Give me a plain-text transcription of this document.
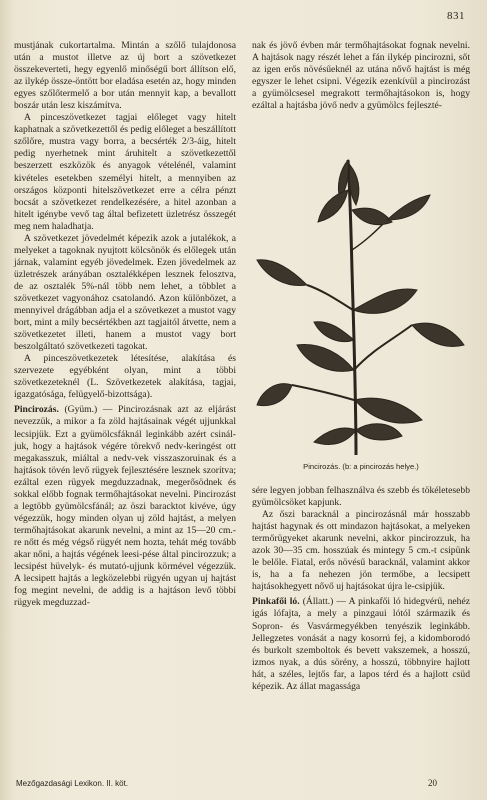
831

mustjának cukortartalma. Mintán a szőlő tulajdonosa után a mustot illetve az új bort a szövetkezet összekeverteti, hegy egyenlő minőségű bort állítson elő, az ilykép össze-öntött bor eladása esetén az, hogy minden egyes szőlőtermelő a bor után mennyit kap, a bevallott boszár után lesz kiszámítva.

A pinceszövetkezet tagjai előleget vagy hitelt kaphatnak a szövetkezettől és pedig előleget a beszállított szőlőre, mustra vagy borra, a becsérték 2/3-áig, hitelt pedig nyerhetnek mint áruhitelt a szövetkezettől beszerzett eszközök és anyagok vételénél, valamint kivételes esetekben személyi hitelt, a mennyiben az országos központi hitelszövetkezet erre a célra pénzt bocsát a szövetkezet rendelkezésére, a hitel azonban a hitelt igénybe vevő tag által befizetett üzletrész összegét meg nem haladhatja.

A szövetkezet jövedelmét képezik azok a jutalékok, a melyeket a tagoknak nyujtott kölcsönök és előlegek után járnak, valamint egyéb jövedelmek. Ezen jövedelmek az üzletrészek arányában osztalékképen lesznek felosztva, de az osztalék 5%-nál több nem lehet, a többlet a szövetkezet vagyonához csatolandó. Azon különbözet, a mennyivel drágábban adja el a szövetkezet a mustot vagy bort, mint a mily becsértékben azt tagjaitól átvette, nem a szövetkezetet illeti, hanem a mustot vagy bort beszolgáltató szövetkezeti tagokat.

A pinceszövetkezetek létesítése, alakítása és szervezete egyébként olyan, mint a többi szövetkezeteknél (L. Szövetkezetek alakítása, tagjai, igazgatósága, felügyelő-bizottsága).

Pincirozás. (Gyüm.) — Pincirozásnak azt az eljárást nevezzük, a mikor a fa zöld hajtásainak végét ujjunkkal lecsipjük. Ezt a gyümölcsfáknál leginkább azért csinál-juk, hogy a hajtások végére törekvő nedv-keringést ott megakasszuk, miáltal a nedv-vek visszaszoruinak és a hajtások tövén levő rügyek fejlesztésére lesznek szorítva; ezáltal ezen rügyek megduzzadnak, megerősödnek és sokkal előbb fognak termőhajtásokat nevelni. Pincirozást a legtöbb gyümölcsfánál; az öszi baracktot kivéve, úgy végezzük, hogy minden olyan uj zöld hajtást, a melyen termőhajtásokat akarunk nevelni, a mint az 15—20 cm.-re nőtt és még végső rügyét nem hozta, tehát még tovább akar nőni, a hajtás végének leesi-pése által pincirozzuk; a lecsipést hüvelyk- és mutató-ujjunk körmével végezzük. A lecsipett hajtás a legközelebbi rügyén ugyan uj hajtást fog megint nevelni, de addig is a hajtáson levő többi rügyek megduzzad-

nak és jövő évben már termőhajtásokat fognak nevelni. A hajtások nagy részét lehet a fán ilykép pincirozni, sőt az igen erős növésűeknél az utána nővő hajtást is még egyszer le lehet csipni. Végezik ezenkívül a pincirozást a gyümölcsesel megrakott termőhajtásokon is, hogy ezáltal a hajtásba jövő nedv a gyümölcs fejleszté-

Pincirozás. (b: a pincirozás helye.)

sére legyen jobban felhasználva és szebb és tökéletesebb gyümölcsöket kapjunk.

Az őszi baracknál a pincirozásnál már hosszabb hajtást hagynak és ott mindazon hajtásokat, a melyeken termőrügyeket akarunk nevelni, akkor pincirozzuk, ha azok 30—35 cm. hosszúak és mintegy 5 cm.-t csipünk le belőle. Fiatal, erős növésű baracknál, valamint akkor is, ha a fa nehezen jön termőbe, a lecsipett hajtásokhegyett nővő uj hajtásokat újra le-csipjük.

Pinkafői ló. (Állatt.) — A pinkafői ló hidegvérű, nehéz igás lófajta, a mely a pinzgaui lótól származik és Sopron- és Vasvármegyékben tenyészik leginkább. Jellegzetes vonását a nagy kosorrú fej, a kidomborodó és burkolt szemboltok és bevett vakszemek, a hosszú, izmos nyak, a dús sörény, a hosszú, többnyire hajlott hát, a széles, lejtős far, a lapos térd és a hajlott csüd képezik. Az állat magassága

Mezőgazdasági Lexikon. II. köt.	20
